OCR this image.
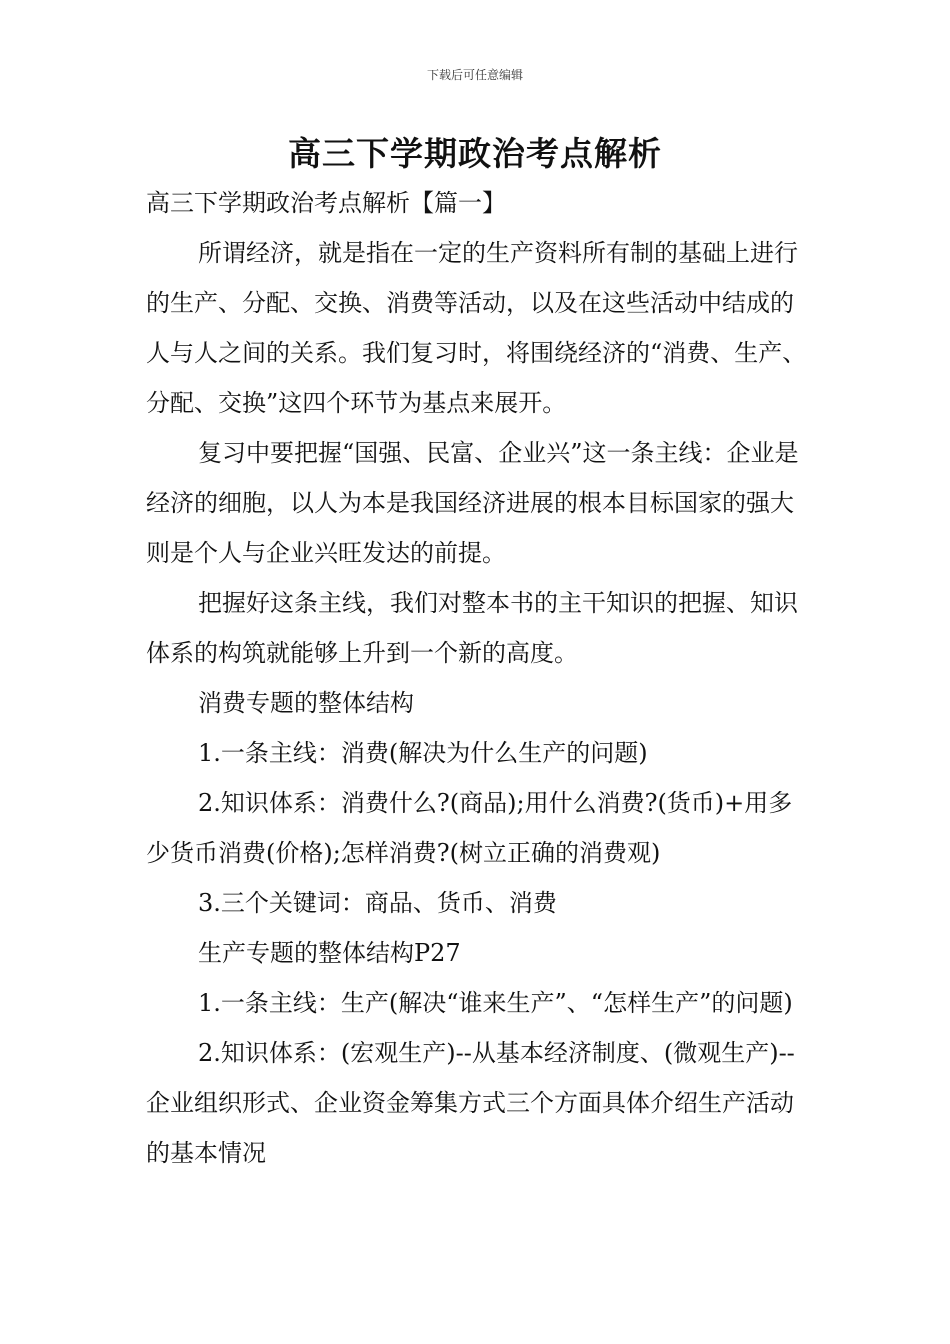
下载后可任意编辑
高三下学期政治考点解析

高三下学期政治考点解析【篇一】

所谓经济，就是指在一定的生产资料所有制的基础上进行的生产、分配、交换、消费等活动，以及在这些活动中结成的人与人之间的关系。我们复习时，将围绕经济的“消费、生产、分配、交换”这四个环节为基点来展开。

复习中要把握“国强、民富、企业兴”这一条主线：企业是经济的细胞，以人为本是我国经济进展的根本目标国家的强大则是个人与企业兴旺发达的前提。

把握好这条主线，我们对整本书的主干知识的把握、知识体系的构筑就能够上升到一个新的高度。

消费专题的整体结构

1.一条主线：消费(解决为什么生产的问题)

2.知识体系：消费什么?(商品);用什么消费?(货币)+用多少货币消费(价格);怎样消费?(树立正确的消费观)

3.三个关键词：商品、货币、消费

生产专题的整体结构P27

1.一条主线：生产(解决“谁来生产”、“怎样生产”的问题)

2.知识体系：(宏观生产)--从基本经济制度、(微观生产)--企业组织形式、企业资金筹集方式三个方面具体介绍生产活动的基本情况
